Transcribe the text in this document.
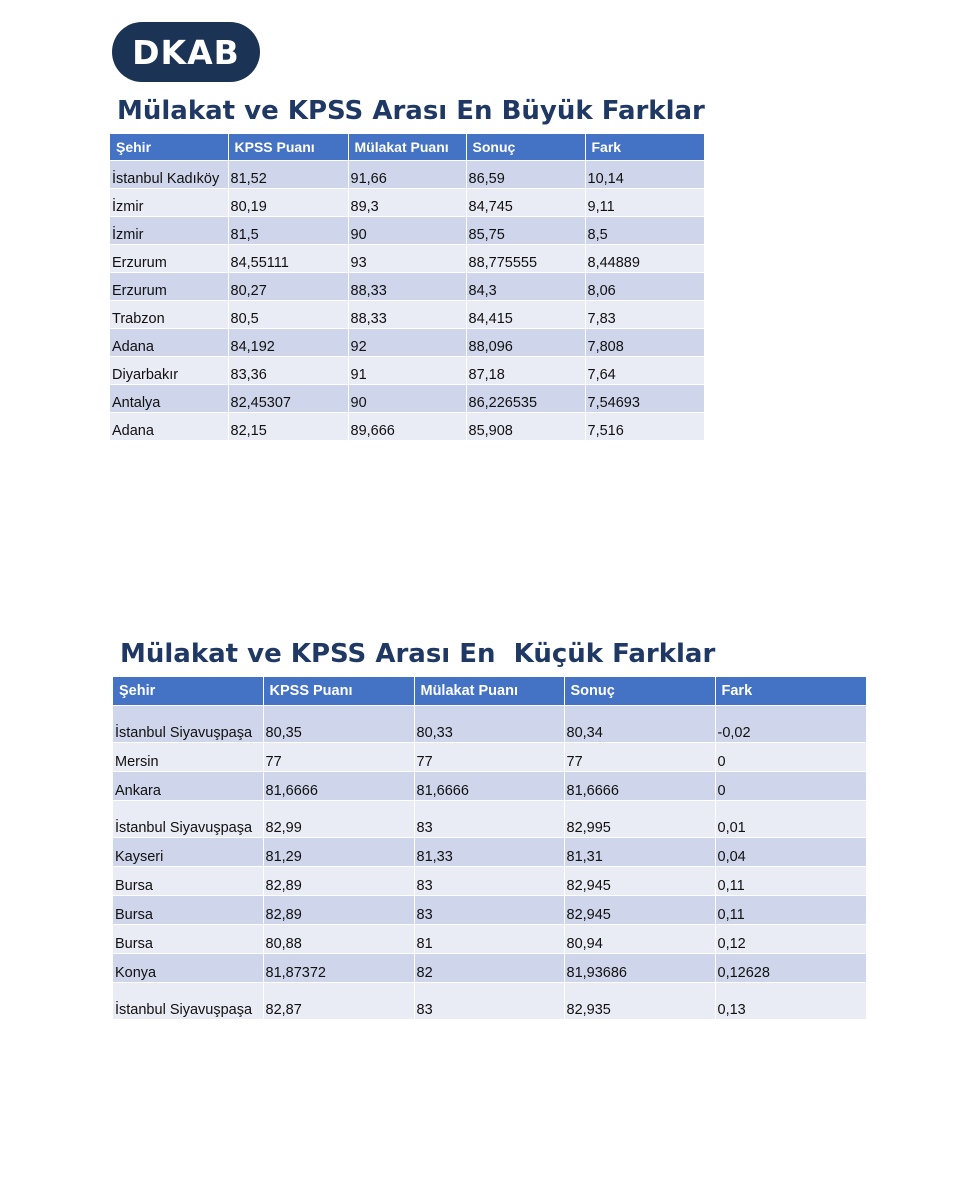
DKAB
Mülakat ve KPSS Arası En Büyük Farklar
Şehir	KPSS Puanı	Mülakat Puanı	Sonuç	Fark
İstanbul Kadıköy	81,52	91,66	86,59	10,14
İzmir	80,19	89,3	84,745	9,11
İzmir	81,5	90	85,75	8,5
Erzurum	84,55111	93	88,775555	8,44889
Erzurum	80,27	88,33	84,3	8,06
Trabzon	80,5	88,33	84,415	7,83
Adana	84,192	92	88,096	7,808
Diyarbakır	83,36	91	87,18	7,64
Antalya	82,45307	90	86,226535	7,54693
Adana	82,15	89,666	85,908	7,516
Mülakat ve KPSS Arası En  Küçük Farklar
Şehir	KPSS Puanı	Mülakat Puanı	Sonuç	Fark
İstanbul Siyavuşpaşa	80,35	80,33	80,34	-0,02
Mersin	77	77	77	0
Ankara	81,6666	81,6666	81,6666	0
İstanbul Siyavuşpaşa	82,99	83	82,995	0,01
Kayseri	81,29	81,33	81,31	0,04
Bursa	82,89	83	82,945	0,11
Bursa	82,89	83	82,945	0,11
Bursa	80,88	81	80,94	0,12
Konya	81,87372	82	81,93686	0,12628
İstanbul Siyavuşpaşa	82,87	83	82,935	0,13
